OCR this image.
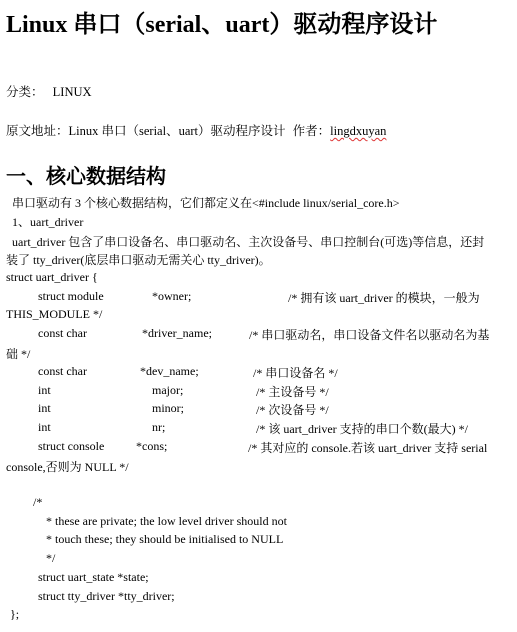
Linux 串口（serial、uart）驱动程序设计
分类： LINUX
原文地址：Linux 串口（serial、uart）驱动程序设计 作者：lingdxuyan
一、核心数据结构
串口驱动有 3 个核心数据结构，它们都定义在<#include linux/serial_core.h>
1、uart_driver
uart_driver 包含了串口设备名、串口驱动名、主次设备号、串口控制台(可选)等信息，还封
装了 tty_driver(底层串口驱动无需关心 tty_driver)。
struct uart_driver {
struct module	*owner;	/* 拥有该 uart_driver 的模块，一般为
THIS_MODULE */
const char	*driver_name;	/* 串口驱动名，串口设备文件名以驱动名为基
础 */
const char	*dev_name;	/* 串口设备名 */
int	major;	/* 主设备号 */
int	minor;	/* 次设备号 */
int	nr;	/* 该 uart_driver 支持的串口个数(最大) */
struct console	*cons;	/* 其对应的 console.若该 uart_driver 支持 serial
console,否则为 NULL */
/*
* these are private; the low level driver should not
* touch these; they should be initialised to NULL
*/
struct uart_state *state;
struct tty_driver *tty_driver;
};
